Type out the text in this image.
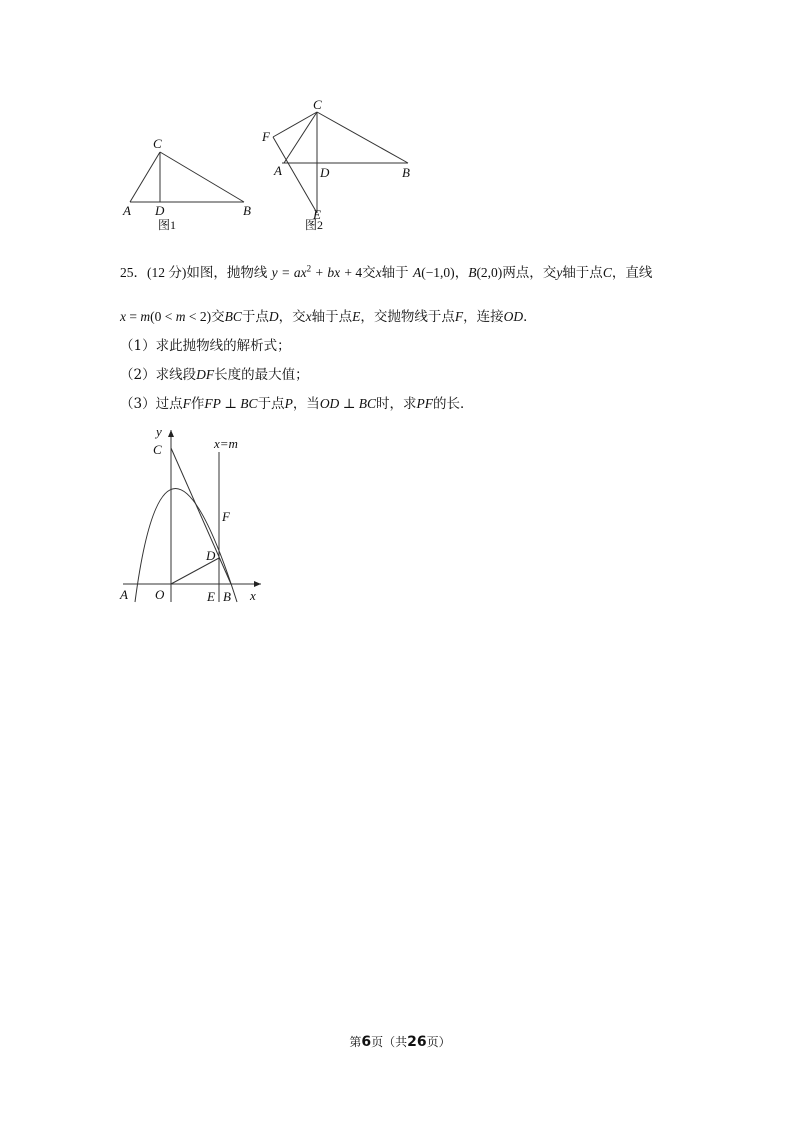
C
A D	B
图1
C
F
A	D	B
E
图2
25．(12 分)如图，抛物线 $y = ax^2$ + bx + 4交x轴于 A(−1,0)，B(2,0)两点，交y轴于点C，直线
x = m(0 < m < 2)交BC于点D，交x轴于点E，交抛物线于点F，连接OD．
（1）求此抛物线的解析式；
（2）求线段DF长度的最大值；
（3）过点F作FP ⊥ BC于点P，当OD ⊥ BC时，求PF的长．
y
x=m
C
F
D
A O	E B x
第6页（共26页）
